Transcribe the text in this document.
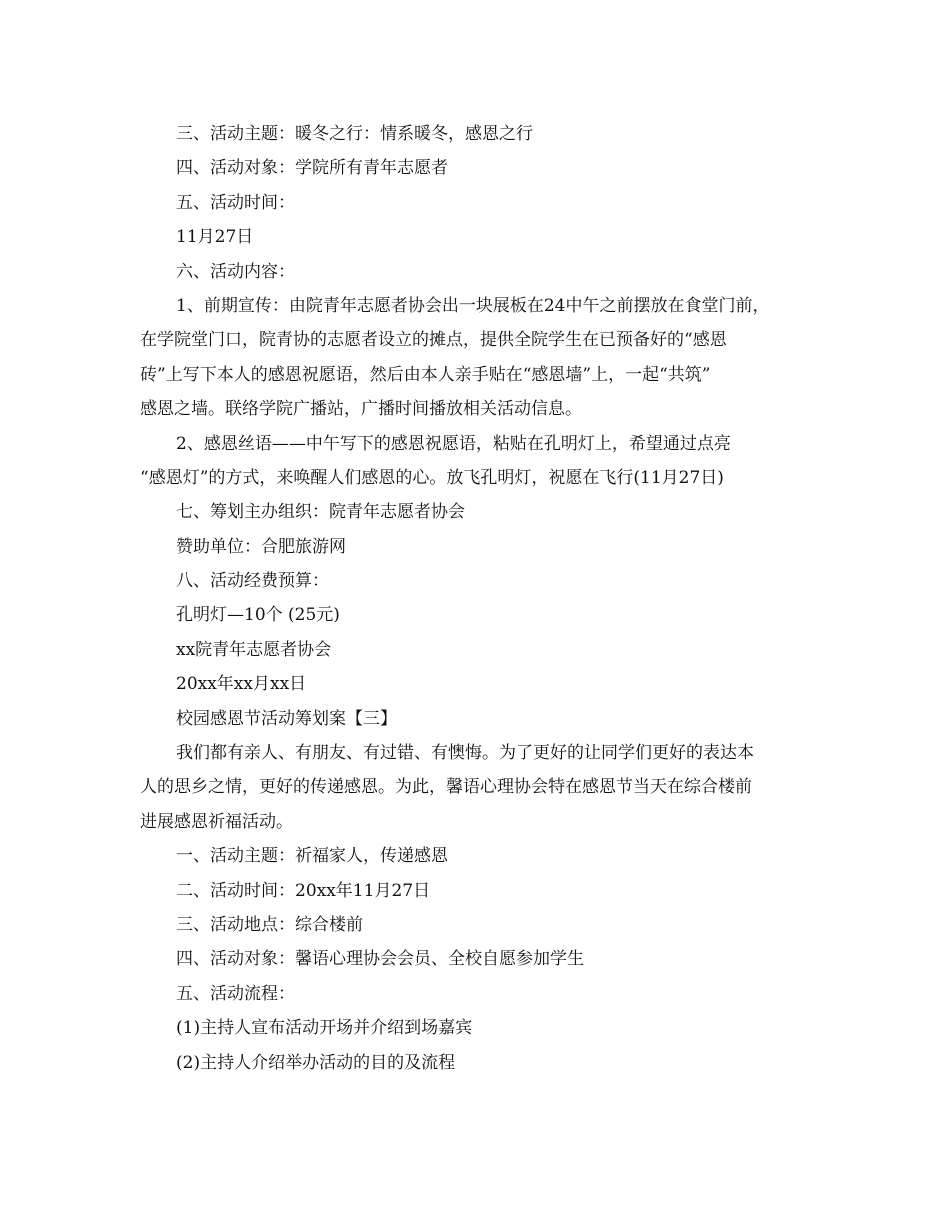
三、活动主题：暖冬之行：情系暖冬，感恩之行
四、活动对象：学院所有青年志愿者
五、活动时间：
11月27日
六、活动内容：
1、前期宣传：由院青年志愿者协会出一块展板在24中午之前摆放在食堂门前，
在学院堂门口，院青协的志愿者设立的摊点，提供全院学生在已预备好的“感恩
砖”上写下本人的感恩祝愿语，然后由本人亲手贴在“感恩墙”上，一起“共筑”
感恩之墙。联络学院广播站，广播时间播放相关活动信息。
2、感恩丝语——中午写下的感恩祝愿语，粘贴在孔明灯上，希望通过点亮
“感恩灯”的方式，来唤醒人们感恩的心。放飞孔明灯，祝愿在飞行(11月27日)
七、筹划主办组织：院青年志愿者协会
赞助单位：合肥旅游网
八、活动经费预算：
孔明灯—10个 (25元)
xx院青年志愿者协会
20xx年xx月xx日
校园感恩节活动筹划案【三】
我们都有亲人、有朋友、有过错、有懊悔。为了更好的让同学们更好的表达本
人的思乡之情，更好的传递感恩。为此，馨语心理协会特在感恩节当天在综合楼前
进展感恩祈福活动。
一、活动主题：祈福家人，传递感恩
二、活动时间：20xx年11月27日
三、活动地点：综合楼前
四、活动对象：馨语心理协会会员、全校自愿参加学生
五、活动流程：
(1)主持人宣布活动开场并介绍到场嘉宾
(2)主持人介绍举办活动的目的及流程
